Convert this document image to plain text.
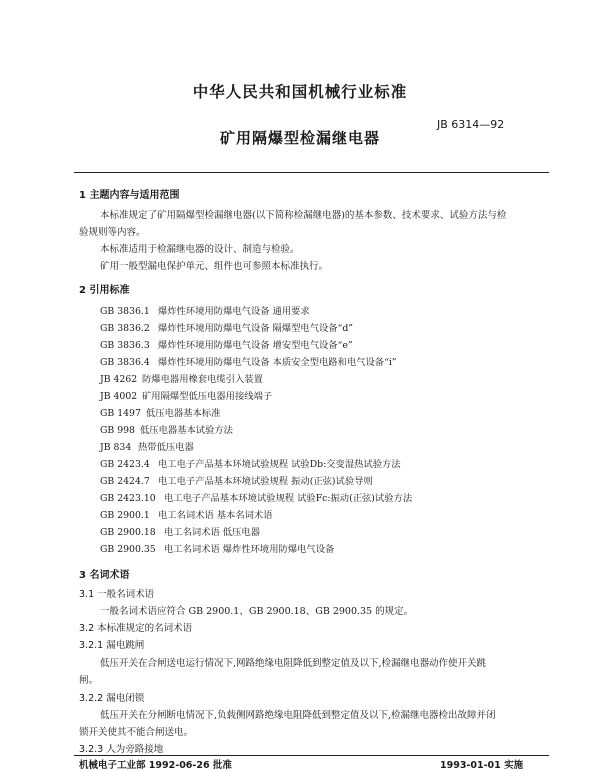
中华人民共和国机械行业标准
JB 6314—92
矿用隔爆型检漏继电器
1 主题内容与适用范围
本标准规定了矿用隔爆型检漏继电器(以下简称检漏继电器)的基本参数、技术要求、试验方法与检
验规则等内容。
本标准适用于检漏继电器的设计、制造与检验。
矿用一般型漏电保护单元、组件也可参照本标准执行。
2 引用标准
GB 3836.1 爆炸性环境用防爆电气设备 通用要求
GB 3836.2 爆炸性环境用防爆电气设备 隔爆型电气设备“d”
GB 3836.3 爆炸性环境用防爆电气设备 增安型电气设备“e”
GB 3836.4 爆炸性环境用防爆电气设备 本质安全型电路和电气设备“i”
JB 4262 防爆电器用橡套电缆引入装置
JB 4002 矿用隔爆型低压电器用接线端子
GB 1497 低压电器基本标准
GB 998 低压电器基本试验方法
JB 834 热带低压电器
GB 2423.4 电工电子产品基本环境试验规程 试验Db:交变湿热试验方法
GB 2424.7 电工电子产品基本环境试验规程 振动(正弦)试验导则
GB 2423.10 电工电子产品基本环境试验规程 试验Fc:振动(正弦)试验方法
GB 2900.1 电工名词术语 基本名词术语
GB 2900.18 电工名词术语 低压电器
GB 2900.35 电工名词术语 爆炸性环境用防爆电气设备
3 名词术语
3.1 一般名词术语
一般名词术语应符合 GB 2900.1、GB 2900.18、GB 2900.35 的规定。
3.2 本标准规定的名词术语
3.2.1 漏电跳闸
低压开关在合闸送电运行情况下,网路绝缘电阻降低到整定值及以下,检漏继电器动作使开关跳
闸。
3.2.2 漏电闭锁
低压开关在分闸断电情况下,负载侧网路绝缘电阻降低到整定值及以下,检漏继电器检出故障并闭
锁开关使其不能合闸送电。
3.2.3 人为旁路接地
机械电子工业部 1992-06-26 批准	1993-01-01 实施
